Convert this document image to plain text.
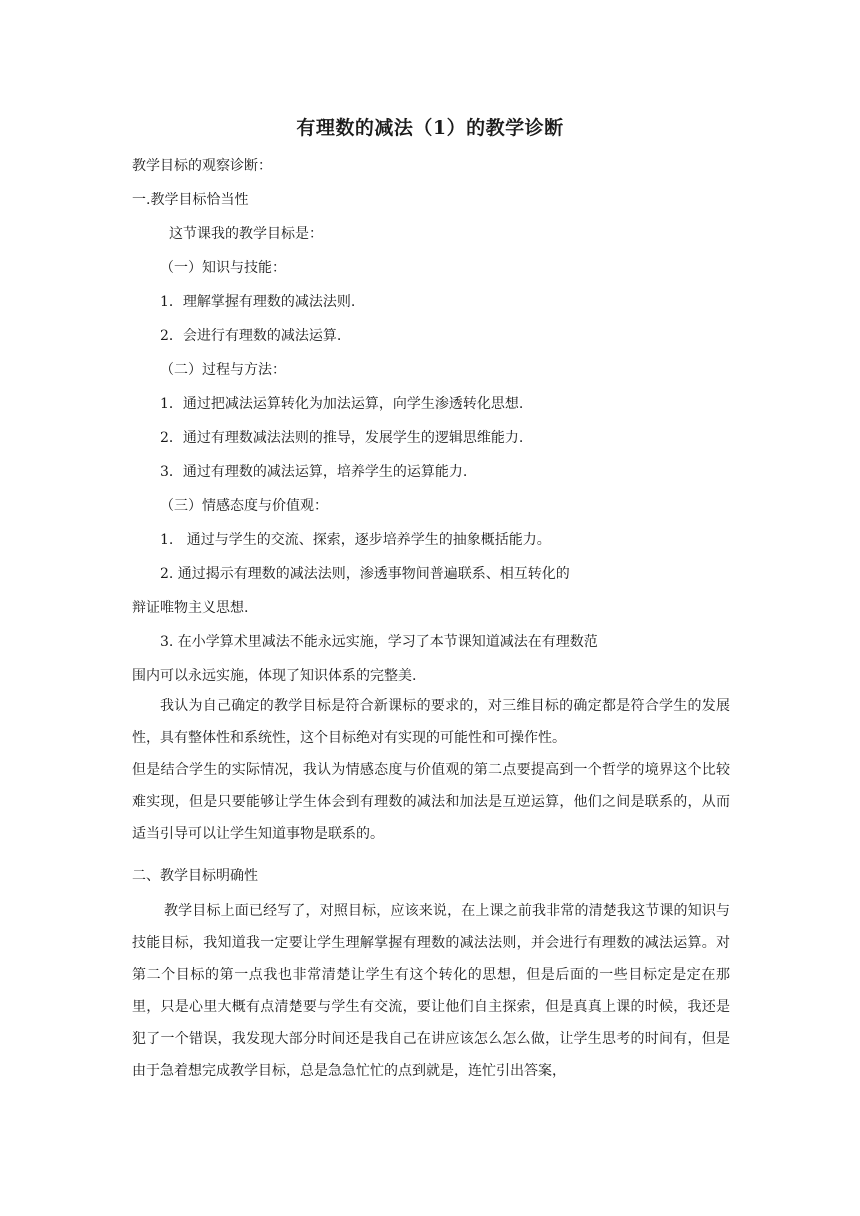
有理数的减法（1）的教学诊断
教学目标的观察诊断：
一.教学目标恰当性
这节课我的教学目标是：
（一）知识与技能：
1．理解掌握有理数的减法法则.
2．会进行有理数的减法运算.
（二）过程与方法：
1．通过把减法运算转化为加法运算，向学生渗透转化思想.
2．通过有理数减法法则的推导，发展学生的逻辑思维能力.
3．通过有理数的减法运算，培养学生的运算能力.
（三）情感态度与价值观：
1.   通过与学生的交流、探索，逐步培养学生的抽象概括能力。
2. 通过揭示有理数的减法法则，渗透事物间普遍联系、相互转化的
辩证唯物主义思想.
3. 在小学算术里减法不能永远实施，学习了本节课知道减法在有理数范
围内可以永远实施，体现了知识体系的完整美.
我认为自己确定的教学目标是符合新课标的要求的，对三维目标的确定都是符合学生的发展性，具有整体性和系统性，这个目标绝对有实现的可能性和可操作性。
但是结合学生的实际情况，我认为情感态度与价值观的第二点要提高到一个哲学的境界这个比较难实现，但是只要能够让学生体会到有理数的减法和加法是互逆运算，他们之间是联系的，从而适当引导可以让学生知道事物是联系的。
二、教学目标明确性
教学目标上面已经写了，对照目标，应该来说，在上课之前我非常的清楚我这节课的知识与技能目标，我知道我一定要让学生理解掌握有理数的减法法则，并会进行有理数的减法运算。对第二个目标的第一点我也非常清楚让学生有这个转化的思想，但是后面的一些目标定是定在那里，只是心里大概有点清楚要与学生有交流，要让他们自主探索，但是真真上课的时候，我还是犯了一个错误，我发现大部分时间还是我自己在讲应该怎么怎么做，让学生思考的时间有，但是由于急着想完成教学目标，总是急急忙忙的点到就是，连忙引出答案，
